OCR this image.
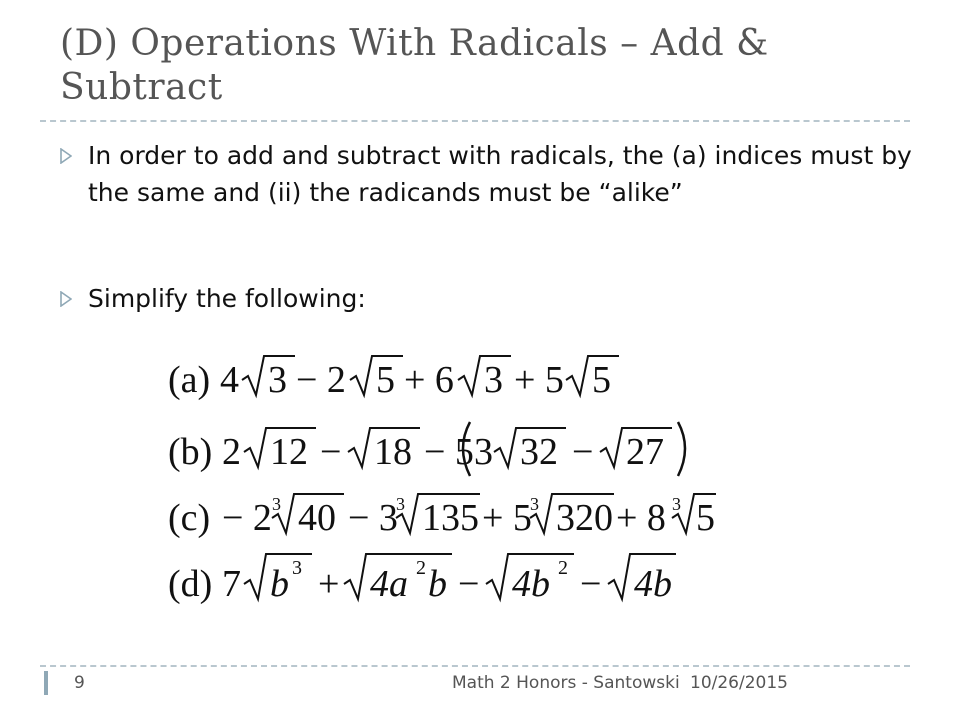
(D) Operations With Radicals – Add & Subtract
In order to add and subtract with radicals, the (a) indices must by the same and (ii) the radicands must be “alike”
Simplify the following:
(a) 4 3 − 2 5 + 6 3 + 5 5
(b) 2 12 − 18 − 5 3 32 − 27
(c) − 2 3 40 − 3
3 135 + 5
3 320 + 8 3 5
(d) 7 b 3 + 4a 2 b − 4b 2 − 4b
9	Math 2 Honors - Santowski 10/26/2015
